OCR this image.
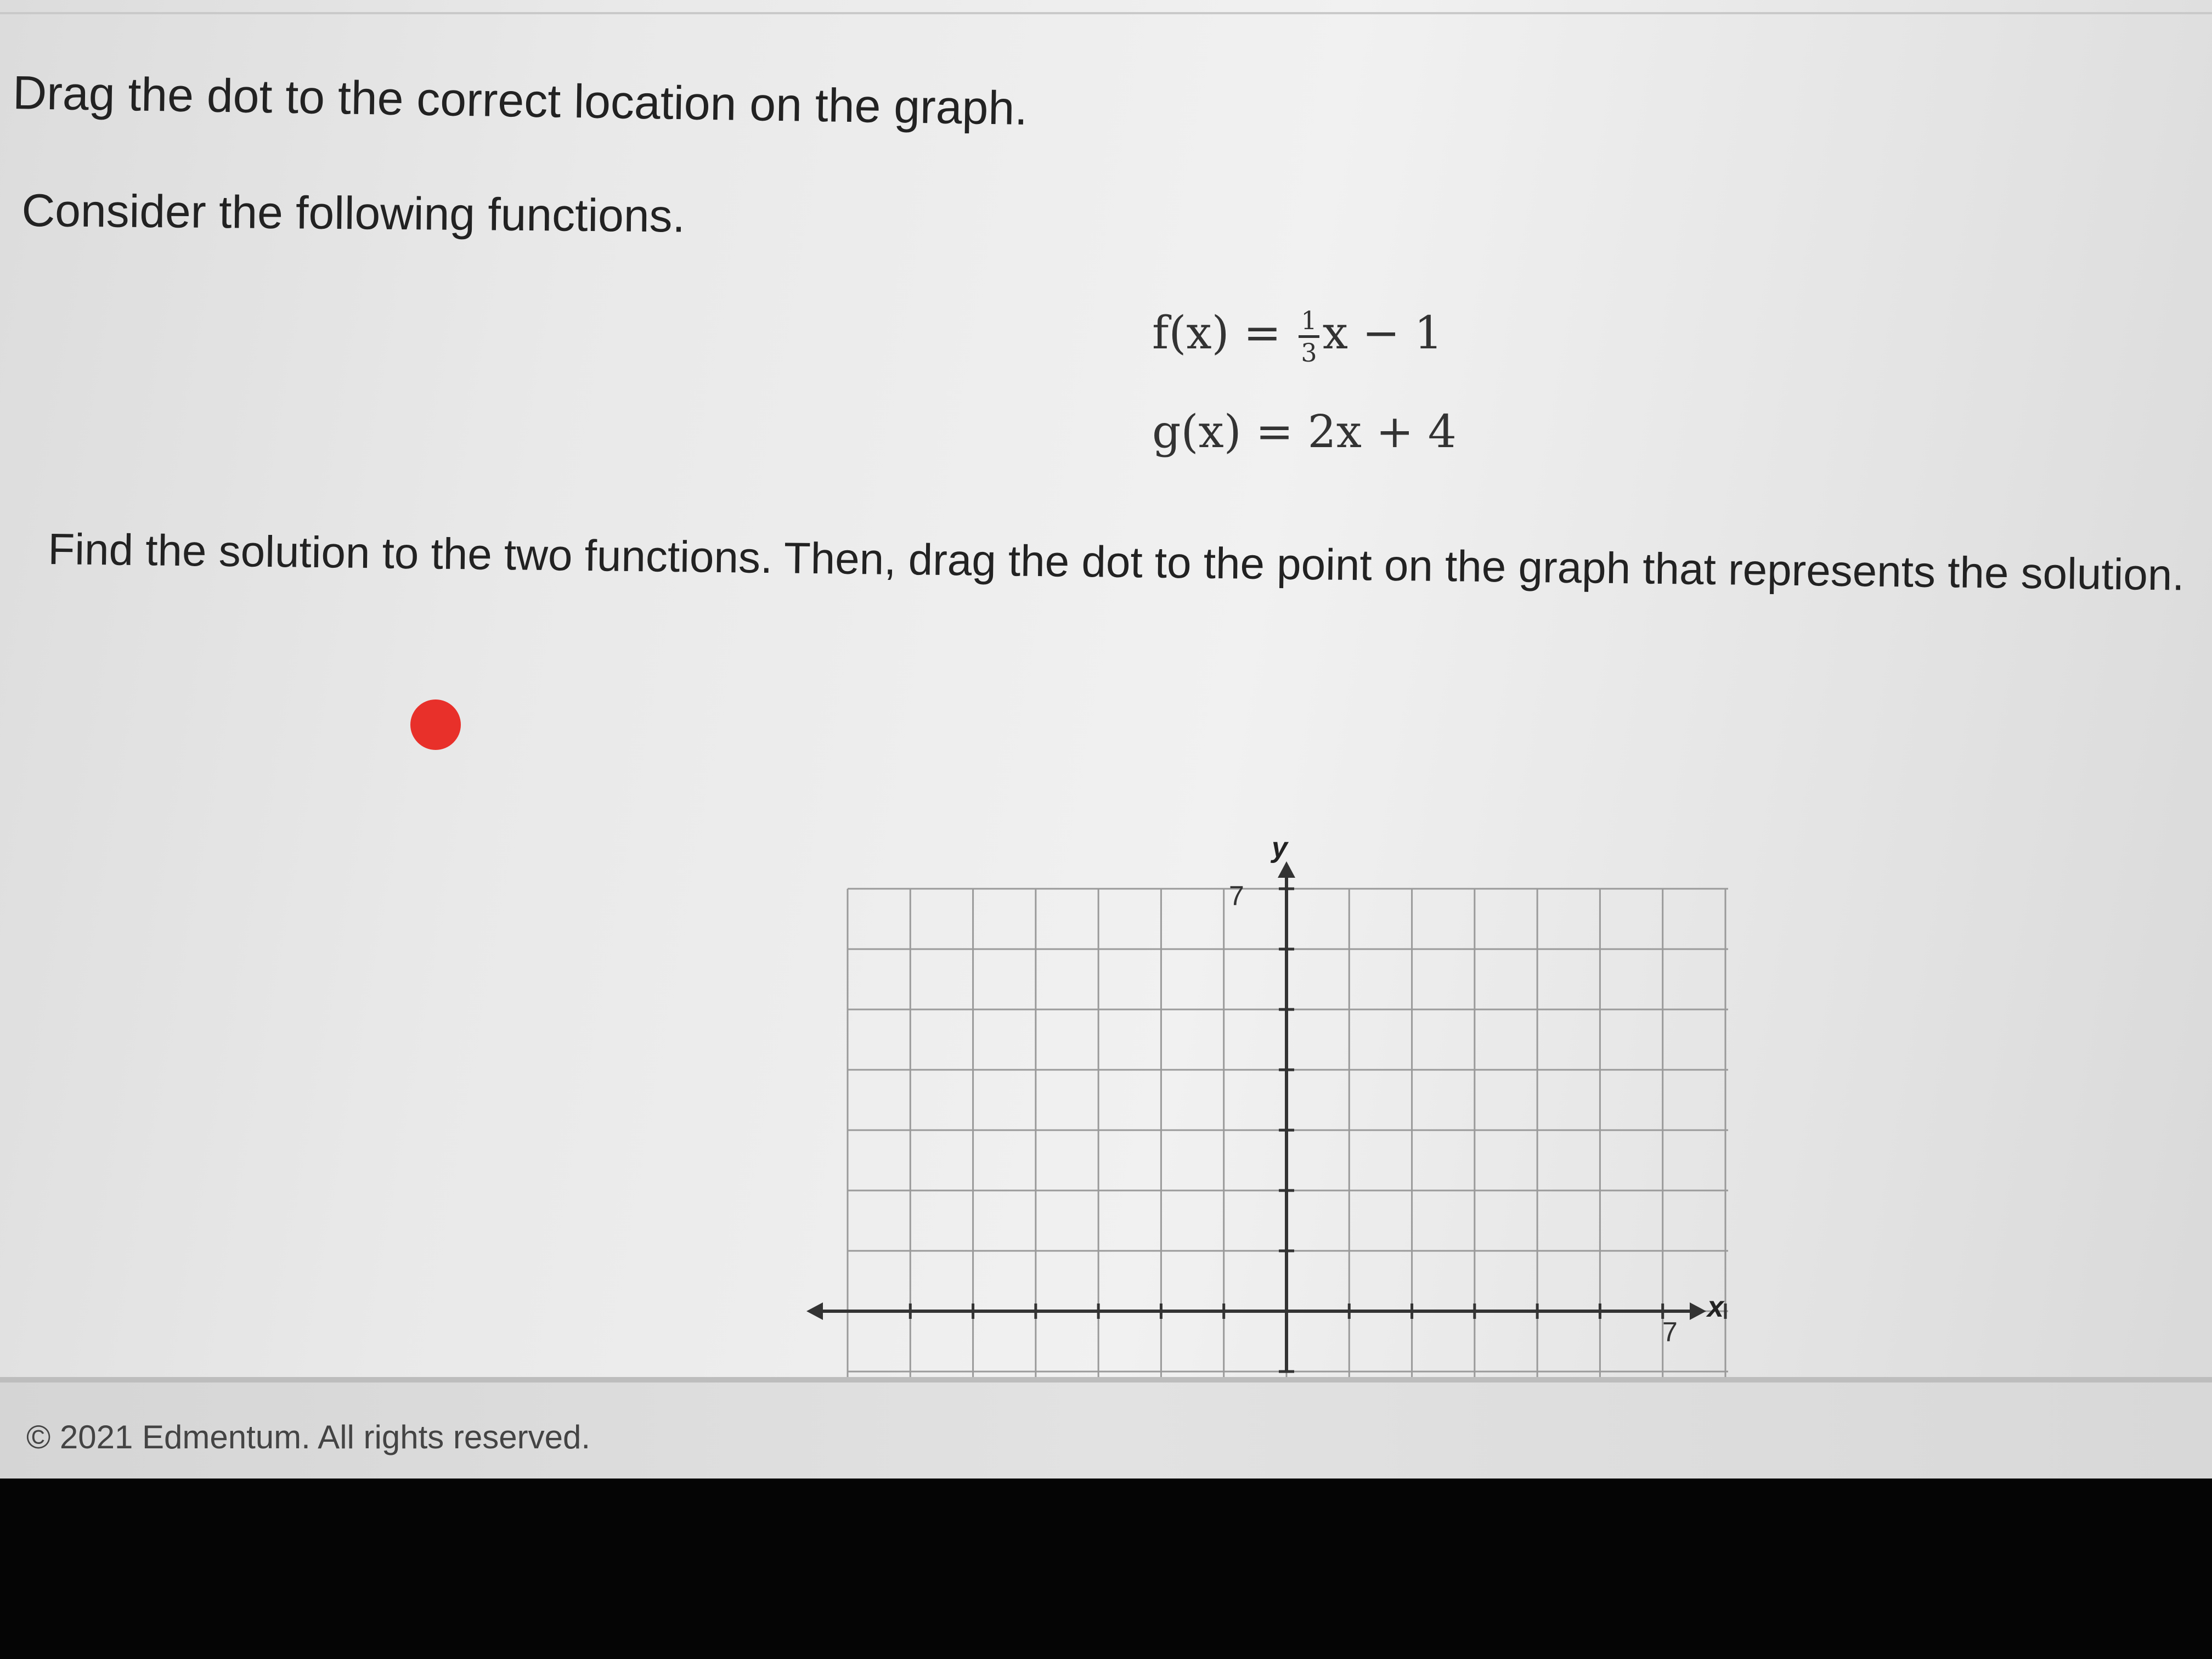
Drag the dot to the correct location on the graph.
Consider the following functions.
$f(x) = \frac{1}{3}$ x − 1
g(x) = 2x + 4
Find the solution to the two functions. Then, drag the dot to the point on the graph that represents the solution.
y
7
x
7
© 2021 Edmentum. All rights reserved.
